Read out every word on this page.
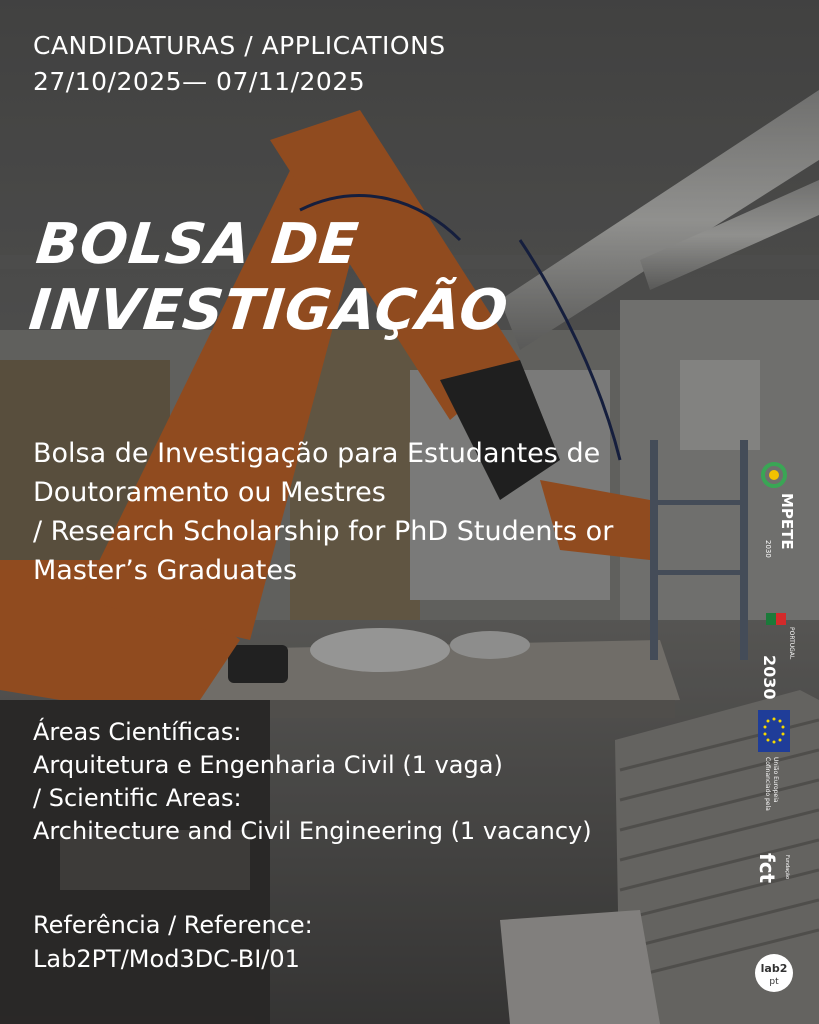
CANDIDATURAS / APPLICATIONS
27/10/2025— 07/11/2025
BOLSA DE
INVESTIGAÇÃO
Bolsa de Investigação para Estudantes de
Doutoramento ou Mestres
/ Research Scholarship for PhD Students or
Master’s Graduates
Áreas Científicas:
Arquitetura e Engenharia Civil (1 vaga)
/ Scientific Areas:
Architecture and Civil Engineering (1 vacancy)
Referência / Reference:
Lab2PT/Mod3DC-BI/01
MPETE
2030
PORTUGAL
2030
Cofinanciado pela União Europeia
fct Fundação
lab2
pt
